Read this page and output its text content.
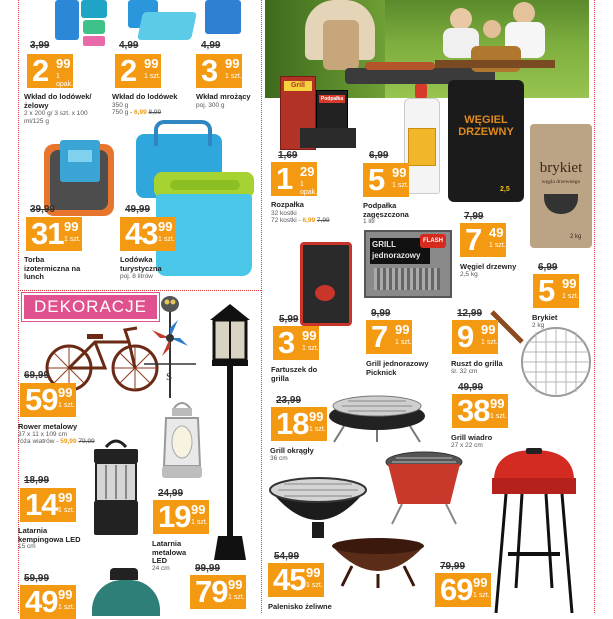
3,99
2 99
1 opak.
Wkład do lodówek/ żelowy
2 x 200 g/ 3 szt. x 100 ml/125 g
4,99
2 99
1 szt.
Wkład do lodówek
350 g
750 g - 6,99 8,99
4,99
3 99
1 szt.
Wkład mrożący
poj. 300 g
39,99
31 99
1 szt.
Torba izotermiczna na lunch
49,99
43 99
1 szt.
Lodówka turystyczna
poj. 8 litrów
DEKORACJE
S
69,99
59 99
1 szt.
Rower metalowy
37 x 11 x 109 cm
róża wiatrów - 59,99 79,99
18,99
14 99
1 szt.
Latarnia kempingowa LED
15 cm
24,99
19 99
1 szt.
Latarnia metalowa LED
24 cm
59,99
49 99
1 szt.
99,99
79 99
1 szt.
Grill
Podpałka
WĘGIEL DRZEWNY
2,5
brykiet
węgla drzewnego
2 kg
1,69
1 29
1 opak.
Rozpałka
32 kostki
72 kostki - 6,99 7,99
6,99
5 99
1 szt.
Podpałka zagęszczona
1 litr	7,99
7 49
1 szt.
Węgiel drzewny
2,5 kg
6,99
5 99
1 szt.
Brykiet
2 kg
GRILL jednorazowy
FLASH
5,99
3 99
1 szt.
Fartuszek do grilla
9,99
7 99
1 szt.
Grill jednorazowy Picknick
12,99
9 99
1 szt.
Ruszt do grilla
śr. 32 cm
23,99
18 99
1 szt.
Grill okrągły
36 cm
49,99
38 99
1 szt.
Grill wiadro
27 x 22 cm
54,99
45 99
1 szt.
Palenisko żeliwne
79,99
69 99
1 szt.
